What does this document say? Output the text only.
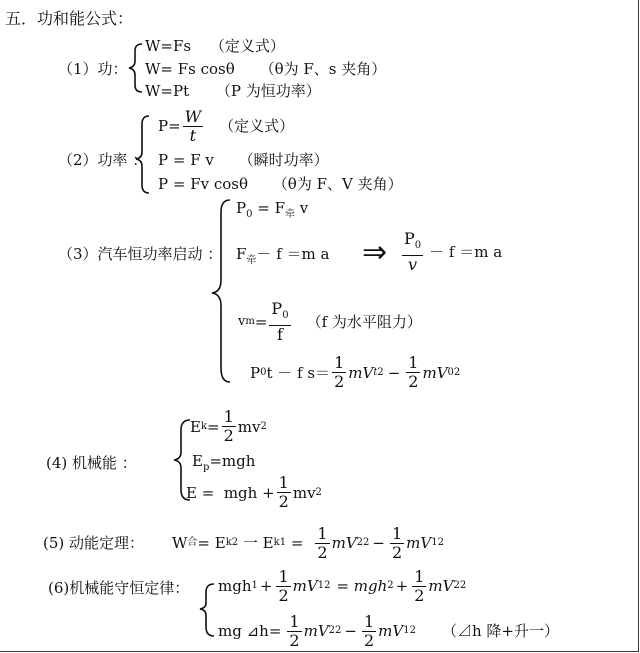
五．功和能公式：
（1）功：
W=Fs （定义式）
W= Fs cosθ （θ为 F、s 夹角）
W=Pt （P 为恒功率）
（2）功率 ：
$P= \frac{W}{t}$ （定义式）
P = F v （瞬时功率）
P = Fv cosθ （θ为 F、V 夹角）
（3）汽车恒功率启动 ：
$P_0 = F_牵$ v
$F_牵- f =m$ a ⇒ $\frac{P_0}{v} - f =m$ a
v $m = \frac{P_0}{f} (f$ 为水平阻力）
P 0 t － f $s= \frac{1}{2}$ mV t $2 - \frac{1}{2}$ mV 0 2
(4) 机械能 ：
E $k = \frac{1}{2}$ mv 2
$E_p=mgh$
E =  mgh + $\frac{1}{2}$ mv 2
(5) 动能定理： W 合 = E k2 一 E $k1 = \frac{1}{2}$ mV 2 $2 - \frac{1}{2}$ mV 1 2
(6)机械能守恒定律： mgh $1 + \frac{1}{2}$ mV 1 2 = mgh $2 + \frac{1}{2}$ mV 2 2
mg ⊿h= $\frac{1}{2}$ mV 2 $2 - \frac{1}{2}$ mV 1 2 （⊿h 降+升一）
